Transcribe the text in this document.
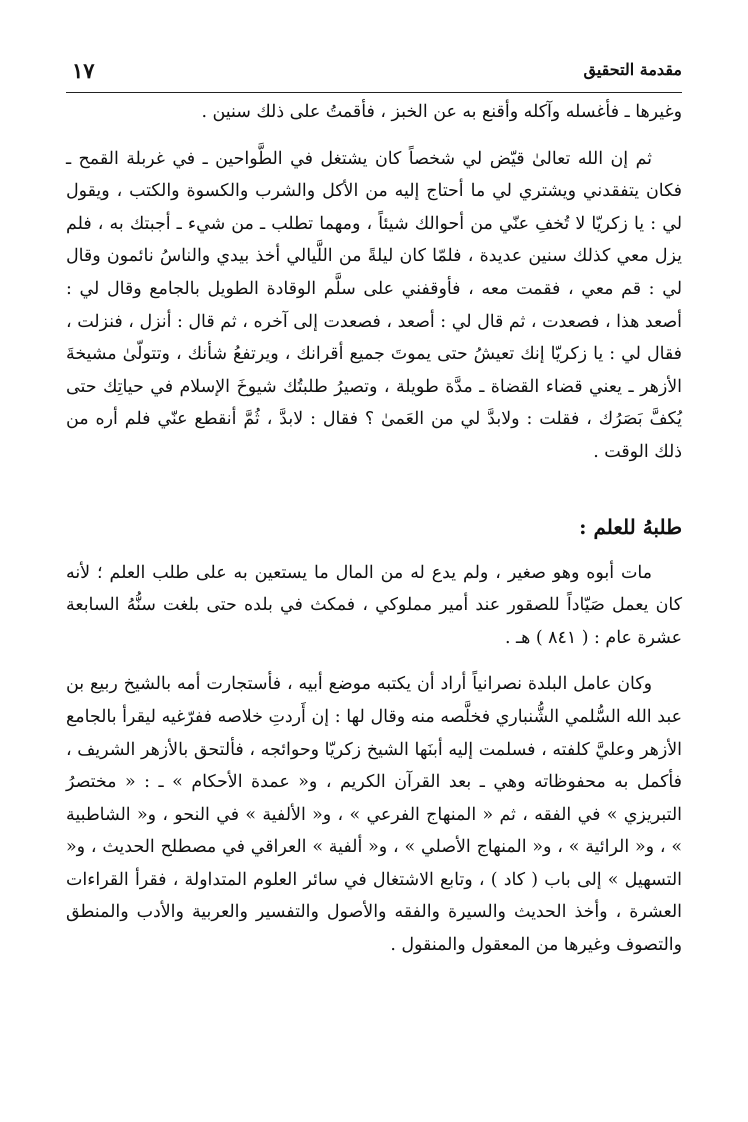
مقدمة التحقيق
١٧

وغيرها ـ فأغسله وآكله وأقنع به عن الخبز ، فأقمتُ على ذلك سنين .

ثم إن الله تعالىٰ قيّض لي شخصاً كان يشتغل في الطَّواحين ـ في غربلة القمح ـ فكان يتفقدني ويشتري لي ما أحتاج إليه من الأكل والشرب والكسوة والكتب ، ويقول لي : يا زكريّا لا تُخفِ عنّي من أحوالك شيئاً ، ومهما تطلب ـ من شيء ـ أجبتك به ، فلم يزل معي كذلك سنين عديدة ، فلمّا كان ليلةً من اللَّيالي أخذ بيدي والناسُ نائمون وقال لي : قم معي ، فقمت معه ، فأوقفني على سلَّم الوقادة الطويل بالجامع وقال لي : أصعد هذا ، فصعدت ، ثم قال لي : أصعد ، فصعدت إلى آخره ، ثم قال : أنزل ، فنزلت ، فقال لي : يا زكريّا إنك تعيشُ حتى يموتَ جميع أقرانك ، ويرتفعُ شأنك ، وتتولّىٰ مشيخةَ الأزهر ـ يعني قضاء القضاة ـ مدَّة طويلة ، وتصيرُ طلبتُك شيوخَ الإسلام في حياتِك حتى يُكفَّ بَصَرُك ، فقلت : ولابدَّ لي من العَمىٰ ؟ فقال : لابدَّ ، ثُمَّ أنقطع عنّي فلم أره من ذلك الوقت .

طلبهُ للعلم :

مات أبوه وهو صغير ، ولم يدع له من المال ما يستعين به على طلب العلم ؛ لأنه كان يعمل صَيّاداً للصقور عند أمير مملوكي ، فمكث في بلده حتى بلغت سنُّهُ السابعة عشرة عام : ( ٨٤١ ) هـ .

وكان عامل البلدة نصرانياً أراد أن يكتبه موضع أبيه ، فأستجارت أمه بالشيخ ربيع بن عبد الله السُّلمي الشُّنباري فخلَّصه منه وقال لها : إن أَردتِ خلاصه ففرّغيه ليقرأ بالجامع الأزهر وعليَّ كلفته ، فسلمت إليه أبنَها الشيخ زكريّا وحوائجه ، فألتحق بالأزهر الشريف ، فأكمل به محفوظاته وهي ـ بعد القرآن الكريم ، و« عمدة الأحكام » ـ : « مختصرُ التبريزي » في الفقه ، ثم « المنهاج الفرعي » ، و« الألفية » في النحو ، و« الشاطبية » ، و« الرائية » ، و« المنهاج الأصلي » ، و« ألفية » العراقي في مصطلح الحديث ، و« التسهيل » إلى باب ( كاد ) ، وتابع الاشتغال في سائر العلوم المتداولة ، فقرأ القراءات العشرة ، وأخذ الحديث والسيرة والفقه والأصول والتفسير والعربية والأدب والمنطق والتصوف وغيرها من المعقول والمنقول .
